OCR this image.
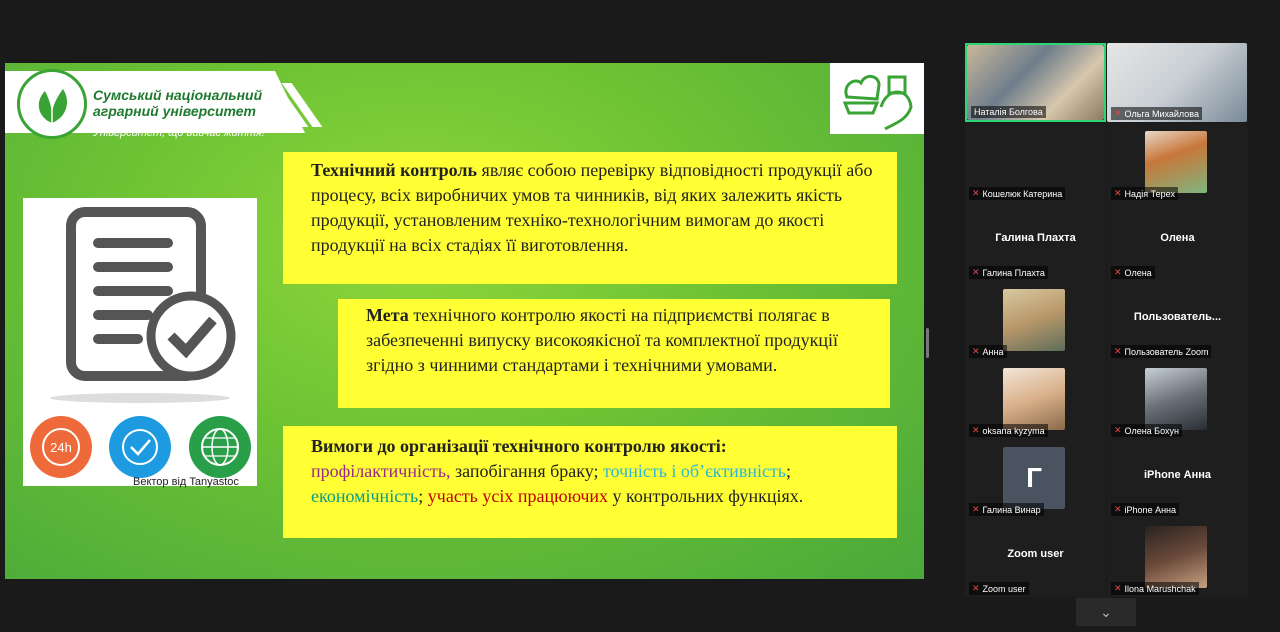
Сумський національний
аграрний університет
Університет, що вивчає життя!
24h
Вектор від Tanyastoc
Технічний контроль являє собою перевірку відповідності продукції або процесу, всіх виробничих умов та чинників, від яких залежить якість продукції, установленим техніко-технологічним вимогам до якості продукції на всіх стадіях її виготовлення.
Мета технічного контролю якості на підприємстві полягає в забезпеченні випуску високоякісної та комплектної продукції згідно з чинними стандартами і технічними умовами.
Вимоги до організації технічного контролю якості:
профілактичність, запобігання браку; точність і об’єктивність; економічність; участь усіх працюючих у контрольних функціях.
Наталія Болгова	✕ Ольга Михайлова
✕ Кошелюк Катерина	✕ Надія Терех
Галина Плахта
✕ Галина Плахта
Олена
✕ Олена
✕ Анна
Пользователь...
✕ Пользователь Zoom
✕ oksana kyzyma	✕ Олена Бохун
Г
✕ Галина Винар
iPhone Анна
✕ iPhone Анна
Zoom user
✕ Zoom user	✕ Ilona Marushchak
⌄
